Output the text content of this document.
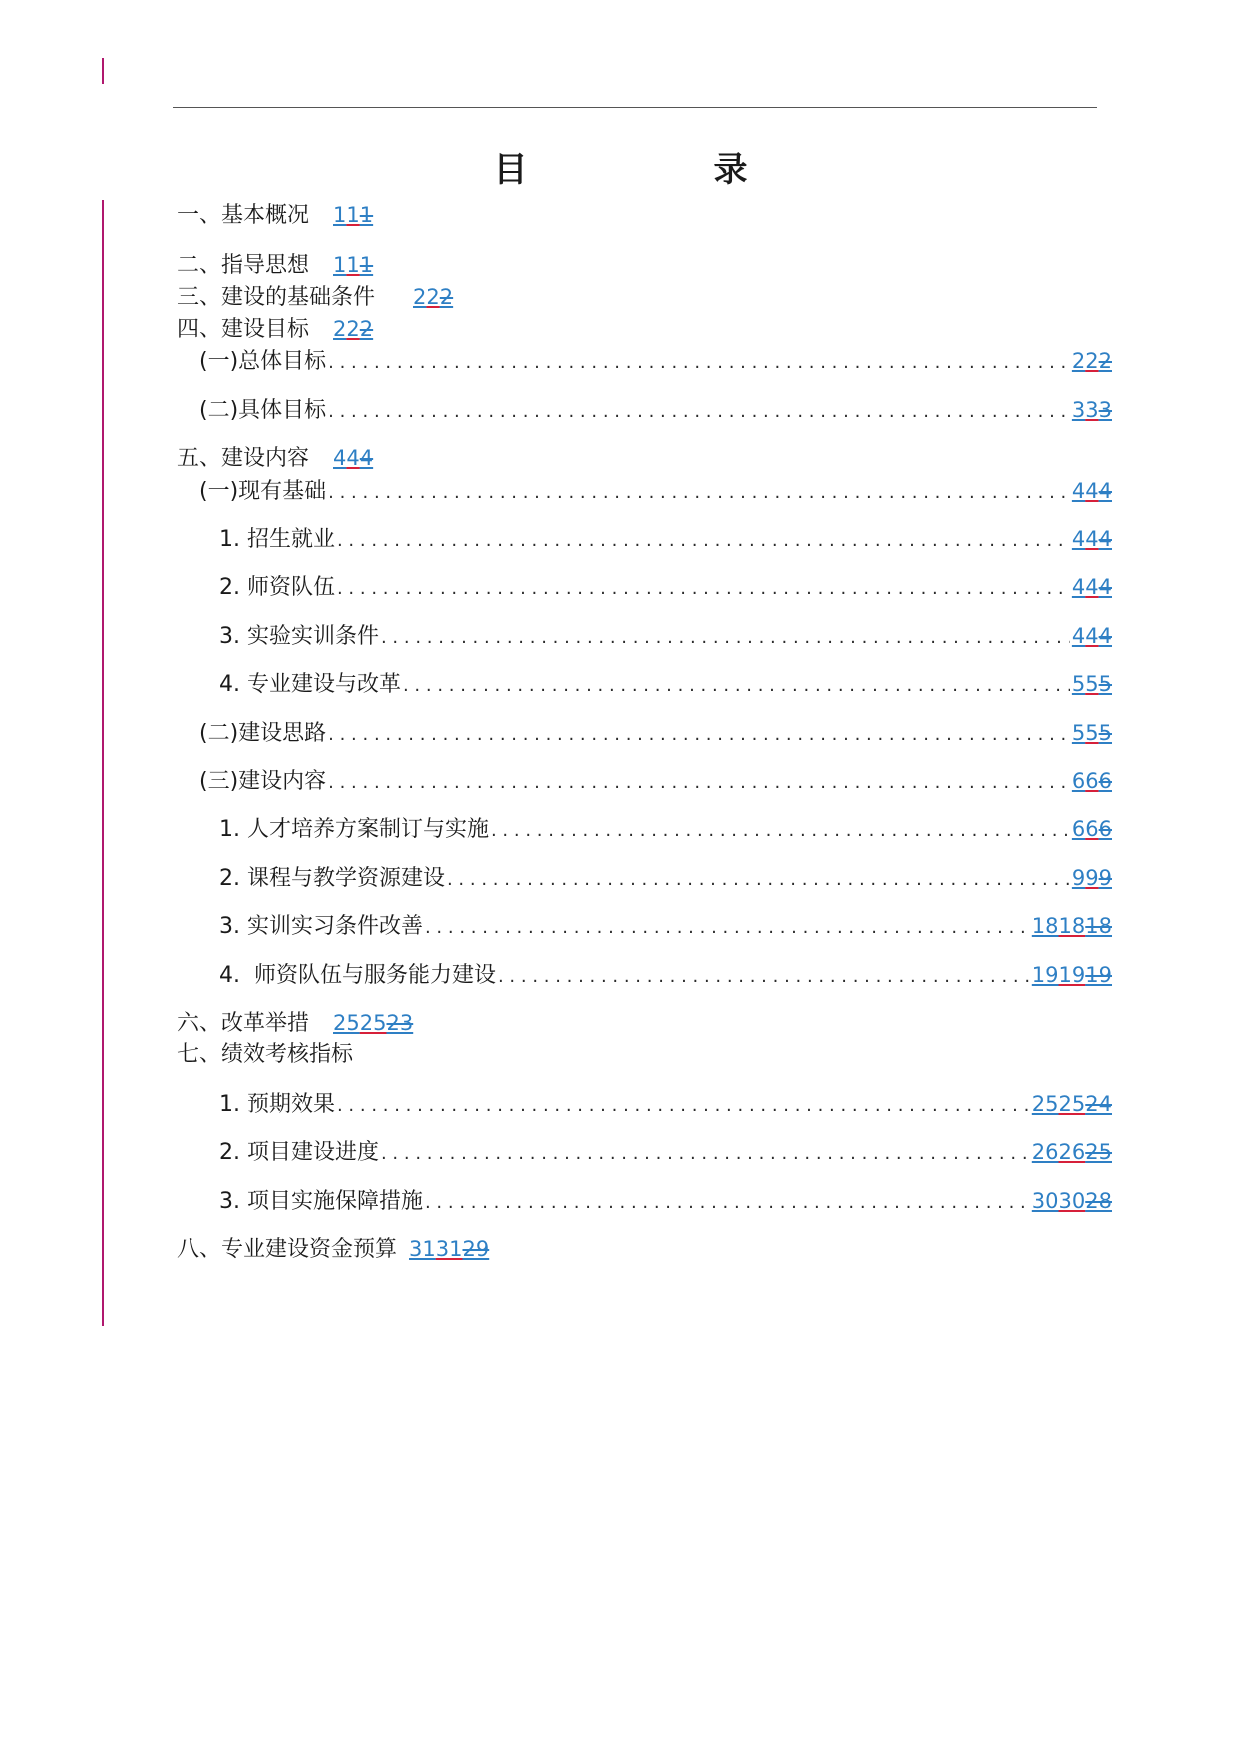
目　录
一、基本概况 111
二、指导思想 111
三、建设的基础条件 222
四、建设目标 222
(一)总体目标 . . .	222
(二)具体目标 . . .	333
五、建设内容 444
(一)现有基础 . . .	444
1. 招生就业 . . .	444
2. 师资队伍 . . .	444
3. 实验实训条件 . . .	444
4. 专业建设与改革 . . .	555
(二)建设思路 . . .	555
(三)建设内容 . . .	666
1. 人才培养方案制订与实施 . . .	666
2. 课程与教学资源建设 . . .	999
3. 实训实习条件改善 . . .	181818
4.  师资队伍与服务能力建设 . . .	191919
六、改革举措 252523
七、绩效考核指标
1. 预期效果 . . .	252524
2. 项目建设进度 . . .	262625
3. 项目实施保障措施 . . .	303028
八、专业建设资金预算 313129
